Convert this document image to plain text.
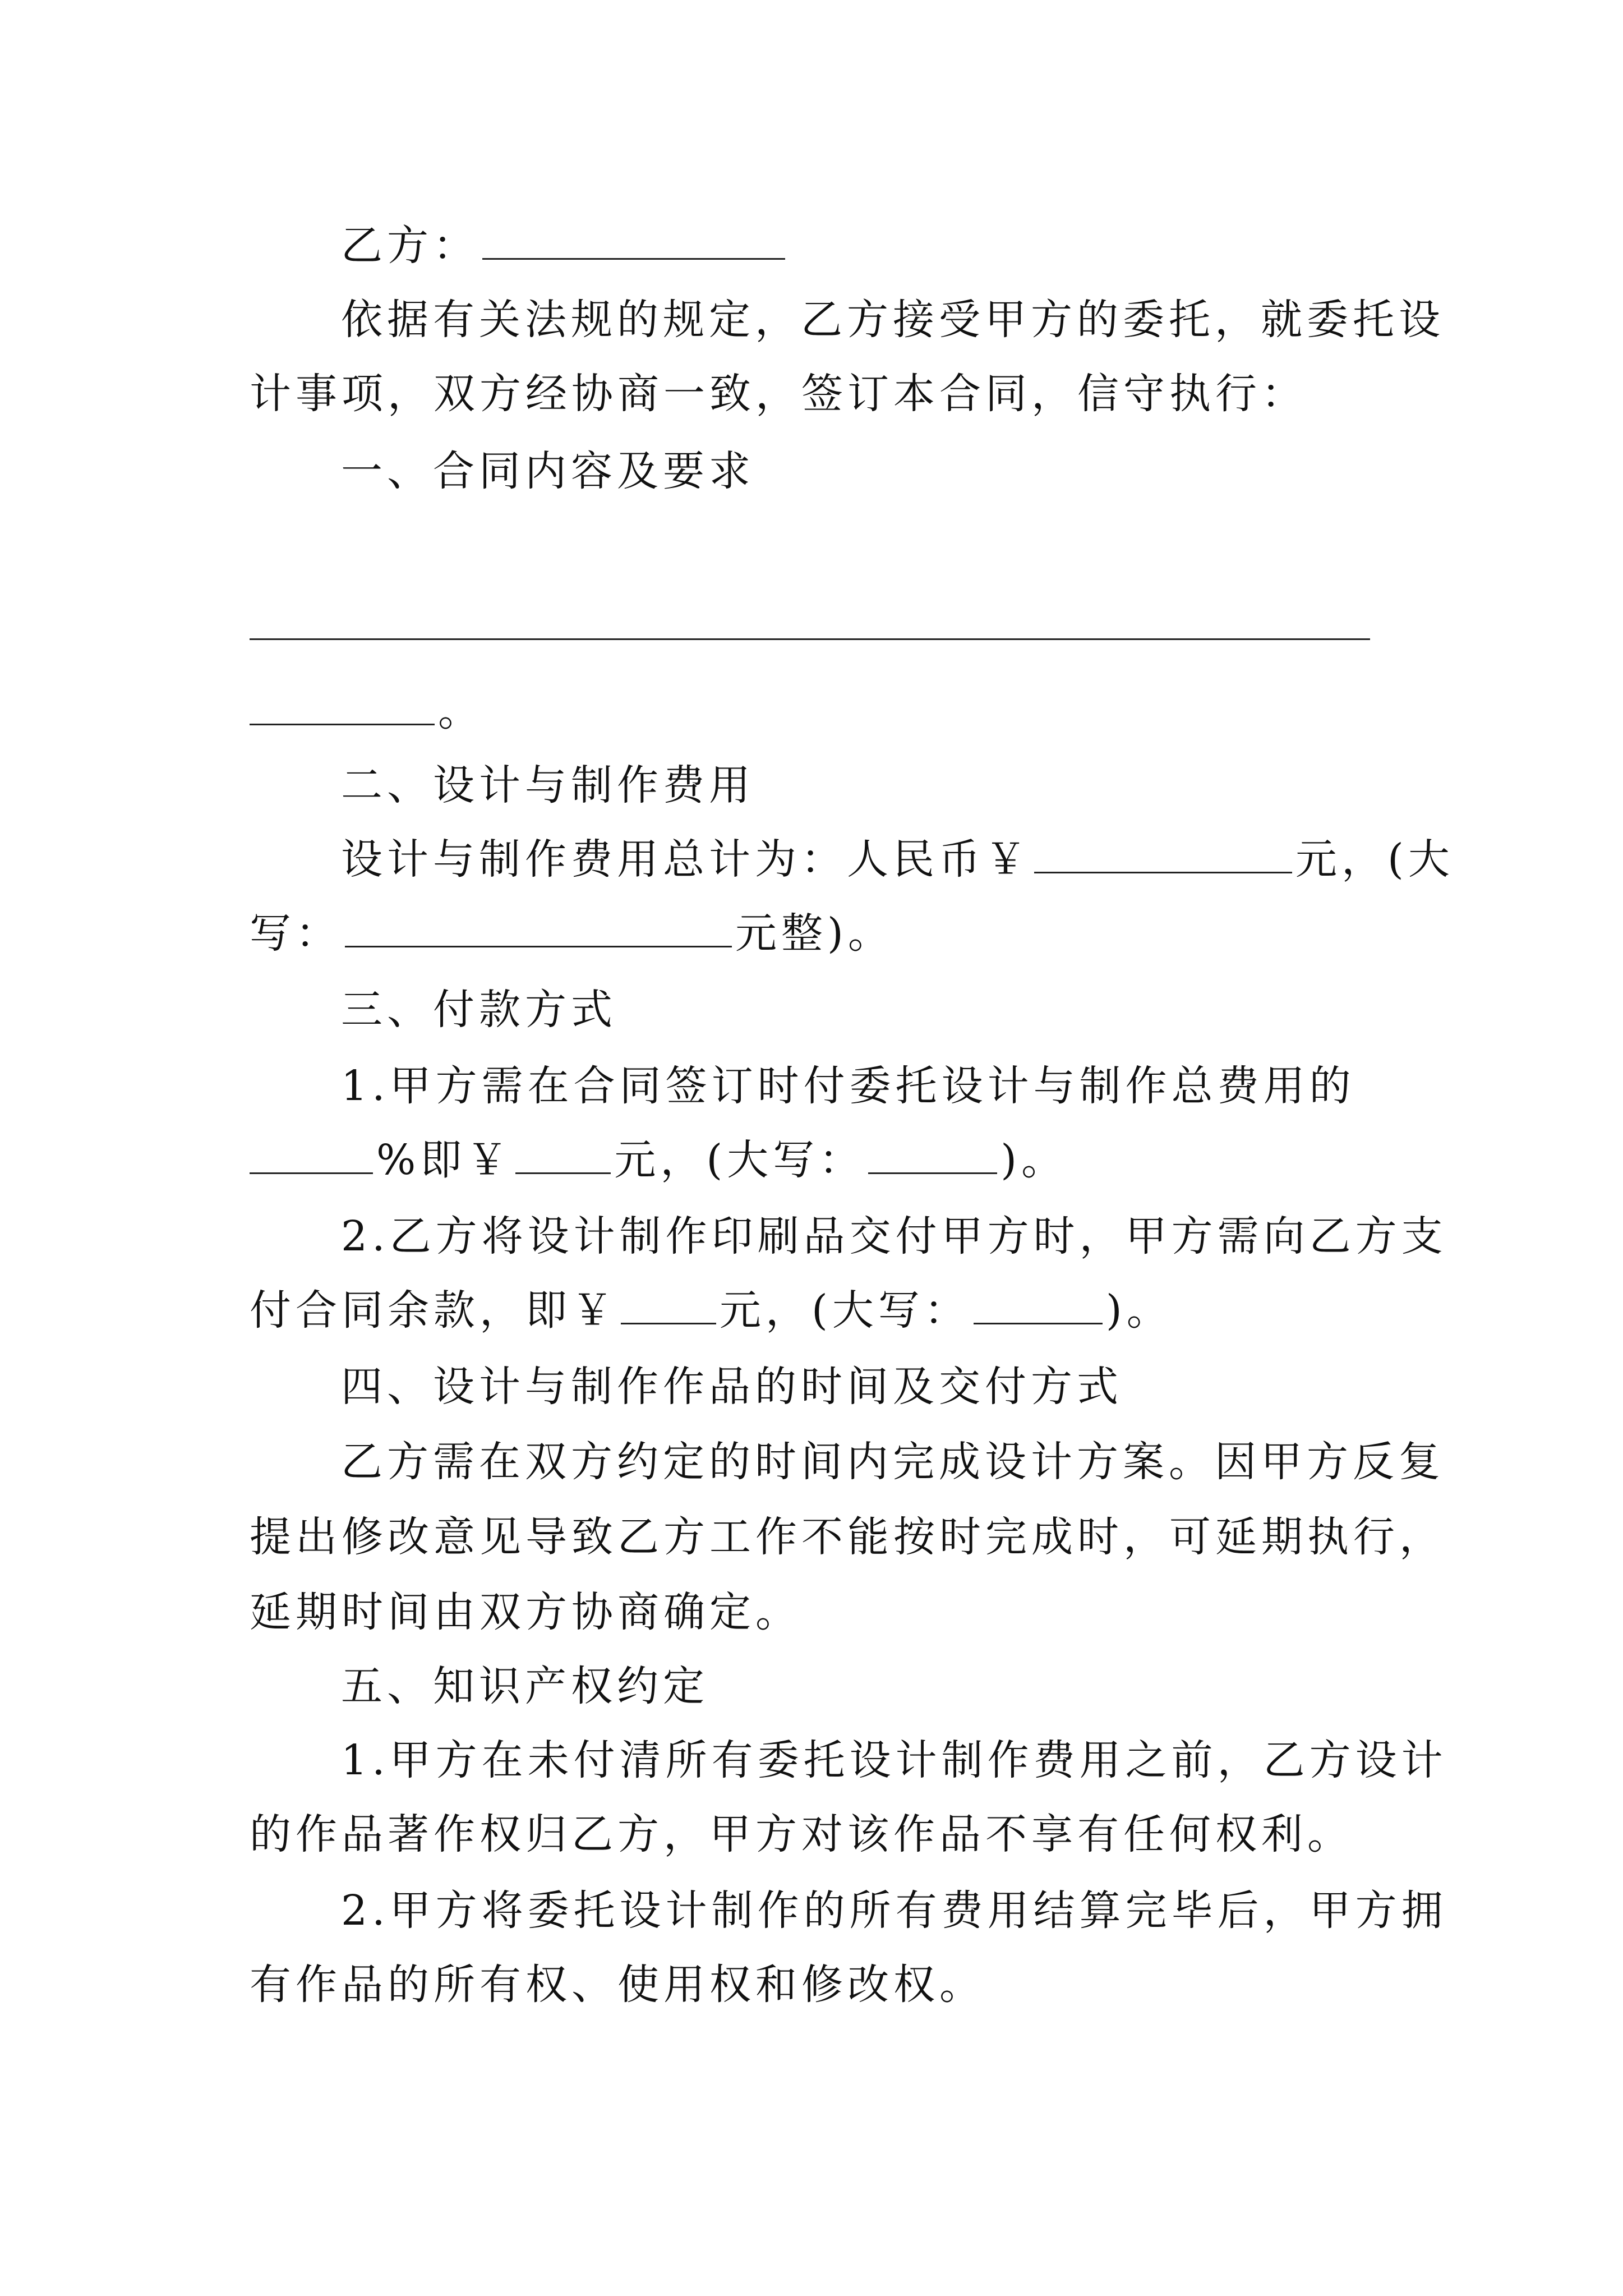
乙方：
依据有关法规的规定，乙方接受甲方的委托，就委托设
计事项，双方经协商一致，签订本合同，信守执行：
一、合同内容及要求
。
二、设计与制作费用
设计与制作费用总计为：人民币￥	元，(大
写：	元整)。
三、付款方式
1.甲方需在合同签订时付委托设计与制作总费用的
%即￥ 元，(大写：	)。
2.乙方将设计制作印刷品交付甲方时，甲方需向乙方支
付合同余款，即￥ 元，(大写：	)。
四、设计与制作作品的时间及交付方式
乙方需在双方约定的时间内完成设计方案。因甲方反复
提出修改意见导致乙方工作不能按时完成时，可延期执行，
延期时间由双方协商确定。
五、知识产权约定
1.甲方在未付清所有委托设计制作费用之前，乙方设计
的作品著作权归乙方，甲方对该作品不享有任何权利。
2.甲方将委托设计制作的所有费用结算完毕后，甲方拥
有作品的所有权、使用权和修改权。
